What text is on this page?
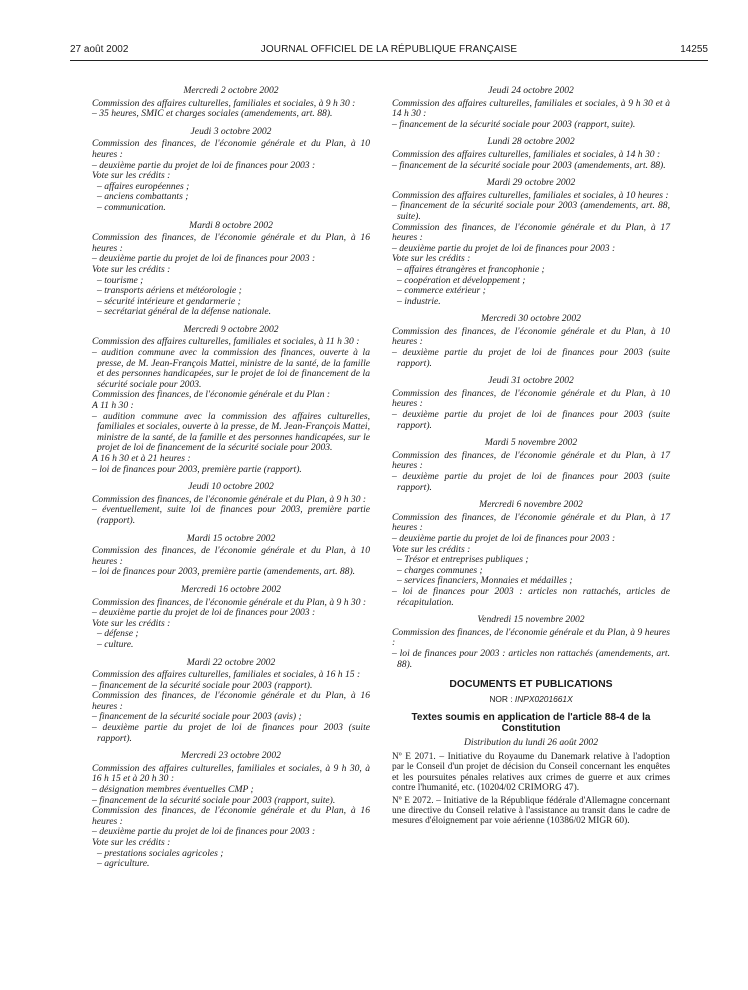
27 août 2002	JOURNAL OFFICIEL DE LA RÉPUBLIQUE FRANÇAISE	14255
Mercredi 2 octobre 2002
Commission des affaires culturelles, familiales et sociales, à 9 h 30 :
– 35 heures, SMIC et charges sociales (amendements, art. 88).
Jeudi 3 octobre 2002
Commission des finances, de l'économie générale et du Plan, à 10 heures :
– deuxième partie du projet de loi de finances pour 2003 :
Vote sur les crédits :
– affaires européennes ;
– anciens combattants ;
– communication.
Mardi 8 octobre 2002
Commission des finances, de l'économie générale et du Plan, à 16 heures :
– deuxième partie du projet de loi de finances pour 2003 :
Vote sur les crédits :
– tourisme ;
– transports aériens et météorologie ;
– sécurité intérieure et gendarmerie ;
– secrétariat général de la défense nationale.
Mercredi 9 octobre 2002
Commission des affaires culturelles, familiales et sociales, à 11 h 30 :
– audition commune avec la commission des finances, ouverte à la presse, de M. Jean-François Mattei, ministre de la santé, de la famille et des personnes handicapées, sur le projet de loi de financement de la sécurité sociale pour 2003.
Commission des finances, de l'économie générale et du Plan :
A 11 h 30 :
– audition commune avec la commission des affaires culturelles, familiales et sociales, ouverte à la presse, de M. Jean-François Mattei, ministre de la santé, de la famille et des personnes handicapées, sur le projet de loi de financement de la sécurité sociale pour 2003.
A 16 h 30 et à 21 heures :
– loi de finances pour 2003, première partie (rapport).
Jeudi 10 octobre 2002
Commission des finances, de l'économie générale et du Plan, à 9 h 30 :
– éventuellement, suite loi de finances pour 2003, première partie (rapport).
Mardi 15 octobre 2002
Commission des finances, de l'économie générale et du Plan, à 10 heures :
– loi de finances pour 2003, première partie (amendements, art. 88).
Mercredi 16 octobre 2002
Commission des finances, de l'économie générale et du Plan, à 9 h 30 :
– deuxième partie du projet de loi de finances pour 2003 :
Vote sur les crédits :
– défense ;
– culture.
Mardi 22 octobre 2002
Commission des affaires culturelles, familiales et sociales, à 16 h 15 :
– financement de la sécurité sociale pour 2003 (rapport).
Commission des finances, de l'économie générale et du Plan, à 16 heures :
– financement de la sécurité sociale pour 2003 (avis) ;
– deuxième partie du projet de loi de finances pour 2003 (suite rapport).
Mercredi 23 octobre 2002
Commission des affaires culturelles, familiales et sociales, à 9 h 30, à 16 h 15 et à 20 h 30 :
– désignation membres éventuelles CMP ;
– financement de la sécurité sociale pour 2003 (rapport, suite).
Commission des finances, de l'économie générale et du Plan, à 16 heures :
– deuxième partie du projet de loi de finances pour 2003 :
Vote sur les crédits :
– prestations sociales agricoles ;
– agriculture.
Jeudi 24 octobre 2002
Commission des affaires culturelles, familiales et sociales, à 9 h 30 et à 14 h 30 :
– financement de la sécurité sociale pour 2003 (rapport, suite).
Lundi 28 octobre 2002
Commission des affaires culturelles, familiales et sociales, à 14 h 30 :
– financement de la sécurité sociale pour 2003 (amendements, art. 88).
Mardi 29 octobre 2002
Commission des affaires culturelles, familiales et sociales, à 10 heures :
– financement de la sécurité sociale pour 2003 (amendements, art. 88, suite).
Commission des finances, de l'économie générale et du Plan, à 17 heures :
– deuxième partie du projet de loi de finances pour 2003 :
Vote sur les crédits :
– affaires étrangères et francophonie ;
– coopération et développement ;
– commerce extérieur ;
– industrie.
Mercredi 30 octobre 2002
Commission des finances, de l'économie générale et du Plan, à 10 heures :
– deuxième partie du projet de loi de finances pour 2003 (suite rapport).
Jeudi 31 octobre 2002
Commission des finances, de l'économie générale et du Plan, à 10 heures :
– deuxième partie du projet de loi de finances pour 2003 (suite rapport).
Mardi 5 novembre 2002
Commission des finances, de l'économie générale et du Plan, à 17 heures :
– deuxième partie du projet de loi de finances pour 2003 (suite rapport).
Mercredi 6 novembre 2002
Commission des finances, de l'économie générale et du Plan, à 17 heures :
– deuxième partie du projet de loi de finances pour 2003 :
Vote sur les crédits :
– Trésor et entreprises publiques ;
– charges communes ;
– services financiers, Monnaies et médailles ;
– loi de finances pour 2003 : articles non rattachés, articles de récapitulation.
Vendredi 15 novembre 2002
Commission des finances, de l'économie générale et du Plan, à 9 heures :
– loi de finances pour 2003 : articles non rattachés (amendements, art. 88).
DOCUMENTS ET PUBLICATIONS
NOR : INPX0201661X
Textes soumis en application de l'article 88-4 de la Constitution
Distribution du lundi 26 août 2002
Nº E 2071. – Initiative du Royaume du Danemark relative à l'adoption par le Conseil d'un projet de décision du Conseil concernant les enquêtes et les poursuites pénales relatives aux crimes de guerre et aux crimes contre l'humanité, etc. (10204/02 CRIMORG 47).
Nº E 2072. – Initiative de la République fédérale d'Allemagne concernant une directive du Conseil relative à l'assistance au transit dans le cadre de mesures d'éloignement par voie aérienne (10386/02 MIGR 60).
